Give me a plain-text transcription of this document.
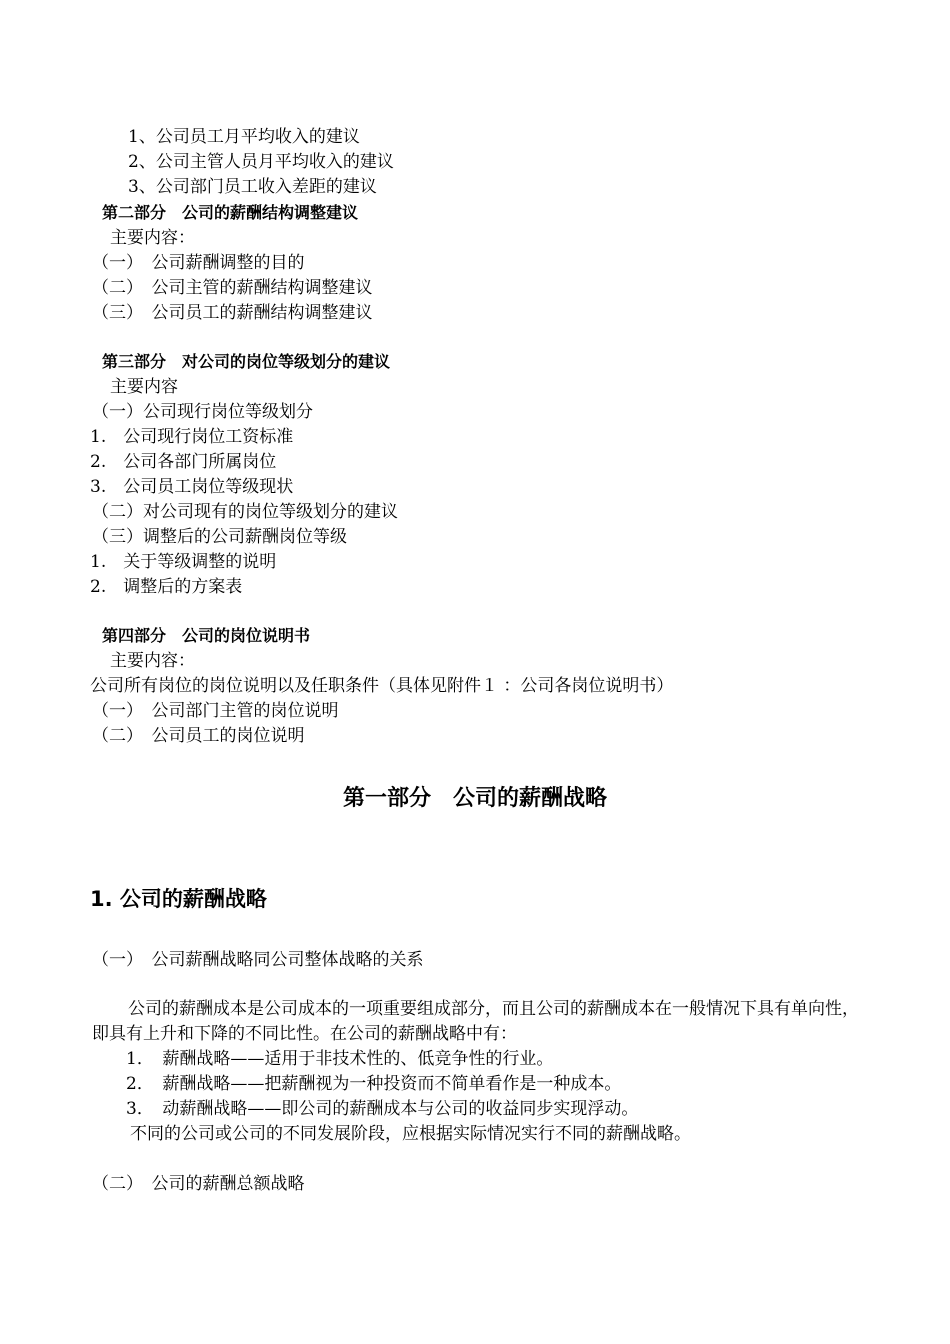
1、公司员工月平均收入的建议
2、公司主管人员月平均收入的建议
3、公司部门员工收入差距的建议
第二部分　公司的薪酬结构调整建议
主要内容：
（一）　公司薪酬调整的目的
（二）　公司主管的薪酬结构调整建议
（三）　公司员工的薪酬结构调整建议
第三部分　对公司的岗位等级划分的建议
主要内容
（一）公司现行岗位等级划分
1.　公司现行岗位工资标准
2.　公司各部门所属岗位
3.　公司员工岗位等级现状
（二）对公司现有的岗位等级划分的建议
（三）调整后的公司薪酬岗位等级
1.　关于等级调整的说明
2.　调整后的方案表
第四部分　公司的岗位说明书
主要内容：
公司所有岗位的岗位说明以及任职条件（具体见附件１ ：公司各岗位说明书）
（一）　公司部门主管的岗位说明
（二）　公司员工的岗位说明
第一部分　公司的薪酬战略
1. 公司的薪酬战略
（一）　公司薪酬战略同公司整体战略的关系
公司的薪酬成本是公司成本的一项重要组成部分，而且公司的薪酬成本在一般情况下具有单向性，即具有上升和下降的不同比性。在公司的薪酬战略中有：
1．　薪酬战略——适用于非技术性的、低竞争性的行业。
2．　薪酬战略——把薪酬视为一种投资而不简单看作是一种成本。
3．　动薪酬战略——即公司的薪酬成本与公司的收益同步实现浮动。
不同的公司或公司的不同发展阶段，应根据实际情况实行不同的薪酬战略。
（二）　公司的薪酬总额战略
